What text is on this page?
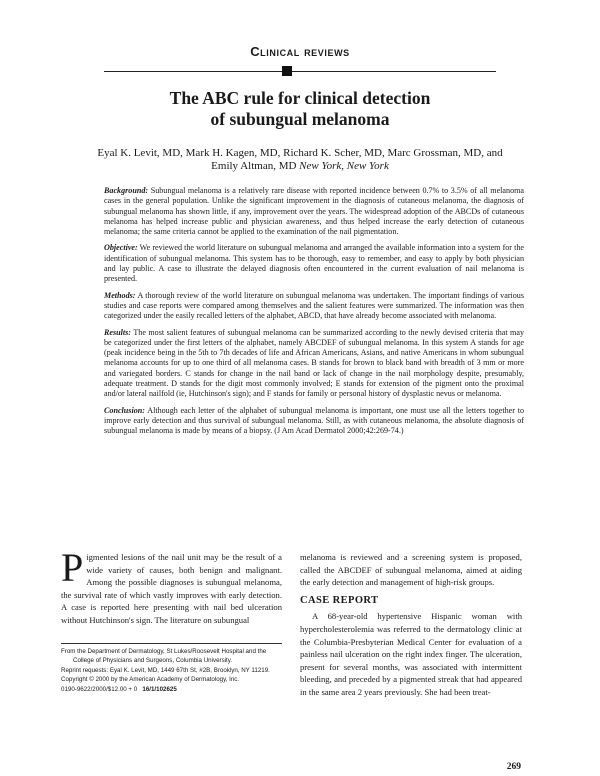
Clinical reviews
The ABC rule for clinical detection
of subungual melanoma
Eyal K. Levit, MD, Mark H. Kagen, MD, Richard K. Scher, MD, Marc Grossman, MD, and
Emily Altman, MD New York, New York

Background: Subungual melanoma is a relatively rare disease with reported incidence between 0.7% to 3.5% of all melanoma cases in the general population. Unlike the significant improvement in the diagnosis of cutaneous melanoma, the diagnosis of subungual melanoma has shown little, if any, improvement over the years. The widespread adoption of the ABCDs of cutaneous melanoma has helped increase public and physician awareness, and thus helped increase the early detection of cutaneous melanoma; the same criteria cannot be applied to the examination of the nail pigmentation.

Objective: We reviewed the world literature on subungual melanoma and arranged the available information into a system for the identification of subungual melanoma. This system has to be thorough, easy to remember, and easy to apply by both physician and lay public. A case to illustrate the delayed diagnosis often encountered in the current evaluation of nail melanoma is presented.

Methods: A thorough review of the world literature on subungual melanoma was undertaken. The important findings of various studies and case reports were compared among themselves and the salient features were summarized. The information was then categorized under the easily recalled letters of the alphabet, ABCD, that have already become associated with melanoma.

Results: The most salient features of subungual melanoma can be summarized according to the newly devised criteria that may be categorized under the first letters of the alphabet, namely ABCDEF of subungual melanoma. In this system A stands for age (peak incidence being in the 5th to 7th decades of life and African Americans, Asians, and native Americans in whom subungual melanoma accounts for up to one third of all melanoma cases. B stands for brown to black band with breadth of 3 mm or more and variegated borders. C stands for change in the nail band or lack of change in the nail morphology despite, presumably, adequate treatment. D stands for the digit most commonly involved; E stands for extension of the pigment onto the proximal and/or lateral nailfold (ie, Hutchinson's sign); and F stands for family or personal history of dysplastic nevus or melanoma.

Conclusion: Although each letter of the alphabet of subungual melanoma is important, one must use all the letters together to improve early detection and thus survival of subungual melanoma. Still, as with cutaneous melanoma, the absolute diagnosis of subungual melanoma is made by means of a biopsy. (J Am Acad Dermatol 2000;42:269-74.)

Pigmented lesions of the nail unit may be the result of a wide variety of causes, both benign and malignant. Among the possible diagnoses is subungual melanoma, the survival rate of which vastly improves with early detection. A case is reported here presenting with nail bed ulceration without Hutchinson's sign. The literature on subungual

melanoma is reviewed and a screening system is proposed, called the ABCDEF of subungual melanoma, aimed at aiding the early detection and management of high-risk groups.

CASE REPORT

A 68-year-old hypertensive Hispanic woman with hypercholesterolemia was referred to the dermatology clinic at the Columbia-Presbyterian Medical Center for evaluation of a painless nail ulceration on the right index finger. The ulceration, present for several months, was associated with intermittent bleeding, and preceded by a pigmented streak that had appeared in the same area 2 years previously. She had been treat-

From the Department of Dermatology, St Lukes/Roosevelt Hospital and the College of Physicians and Surgeons, Columbia University.
Reprint requests: Eyal K. Levit, MD, 1449 67th St, #2B, Brooklyn, NY 11219.
Copyright © 2000 by the American Academy of Dermatology, Inc.
0190-9622/2000/$12.00 + 0 16/1/102625
269
